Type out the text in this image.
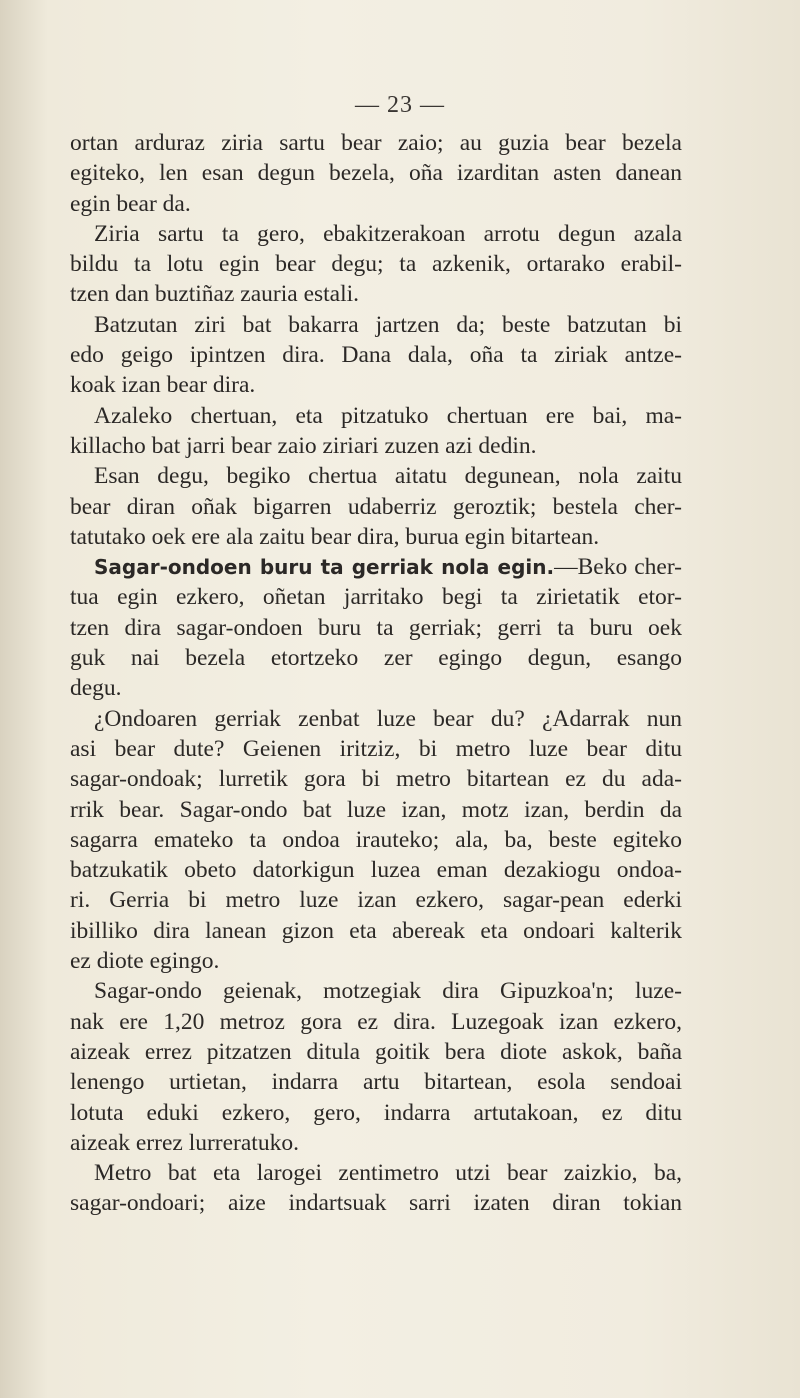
— 23 —

ortan arduraz ziria sartu bear zaio; au guzia bear bezela
egiteko, len esan degun bezela, oña izarditan asten danean
egin bear da.

Ziria sartu ta gero, ebakitzerakoan arrotu degun azala
bildu ta lotu egin bear degu; ta azkenik, ortarako erabil-
tzen dan buztiñaz zauria estali.

Batzutan ziri bat bakarra jartzen da; beste batzutan bi
edo geigo ipintzen dira. Dana dala, oña ta ziriak antze-
koak izan bear dira.

Azaleko chertuan, eta pitzatuko chertuan ere bai, ma-
killacho bat jarri bear zaio ziriari zuzen azi dedin.

Esan degu, begiko chertua aitatu degunean, nola zaitu
bear diran oñak bigarren udaberriz geroztik; bestela cher-
tatutako oek ere ala zaitu bear dira, burua egin bitartean.

Sagar-ondoen buru ta gerriak nola egin.—Beko cher-
tua egin ezkero, oñetan jarritako begi ta zirietatik etor-
tzen dira sagar-ondoen buru ta gerriak; gerri ta buru oek
guk nai bezela etortzeko zer egingo degun, esango
degu.

¿Ondoaren gerriak zenbat luze bear du? ¿Adarrak nun
asi bear dute? Geienen iritziz, bi metro luze bear ditu
sagar-ondoak; lurretik gora bi metro bitartean ez du ada-
rrik bear. Sagar-ondo bat luze izan, motz izan, berdin da
sagarra emateko ta ondoa irauteko; ala, ba, beste egiteko
batzukatik obeto datorkigun luzea eman dezakiogu ondoa-
ri. Gerria bi metro luze izan ezkero, sagar-pean ederki
ibilliko dira lanean gizon eta abereak eta ondoari kalterik
ez diote egingo.

Sagar-ondo geienak, motzegiak dira Gipuzkoa'n; luze-
nak ere 1,20 metroz gora ez dira. Luzegoak izan ezkero,
aizeak errez pitzatzen ditula goitik bera diote askok, baña
lenengo urtietan, indarra artu bitartean, esola sendoai
lotuta eduki ezkero, gero, indarra artutakoan, ez ditu
aizeak errez lurreratuko.

Metro bat eta larogei zentimetro utzi bear zaizkio, ba,
sagar-ondoari; aize indartsuak sarri izaten diran tokian
